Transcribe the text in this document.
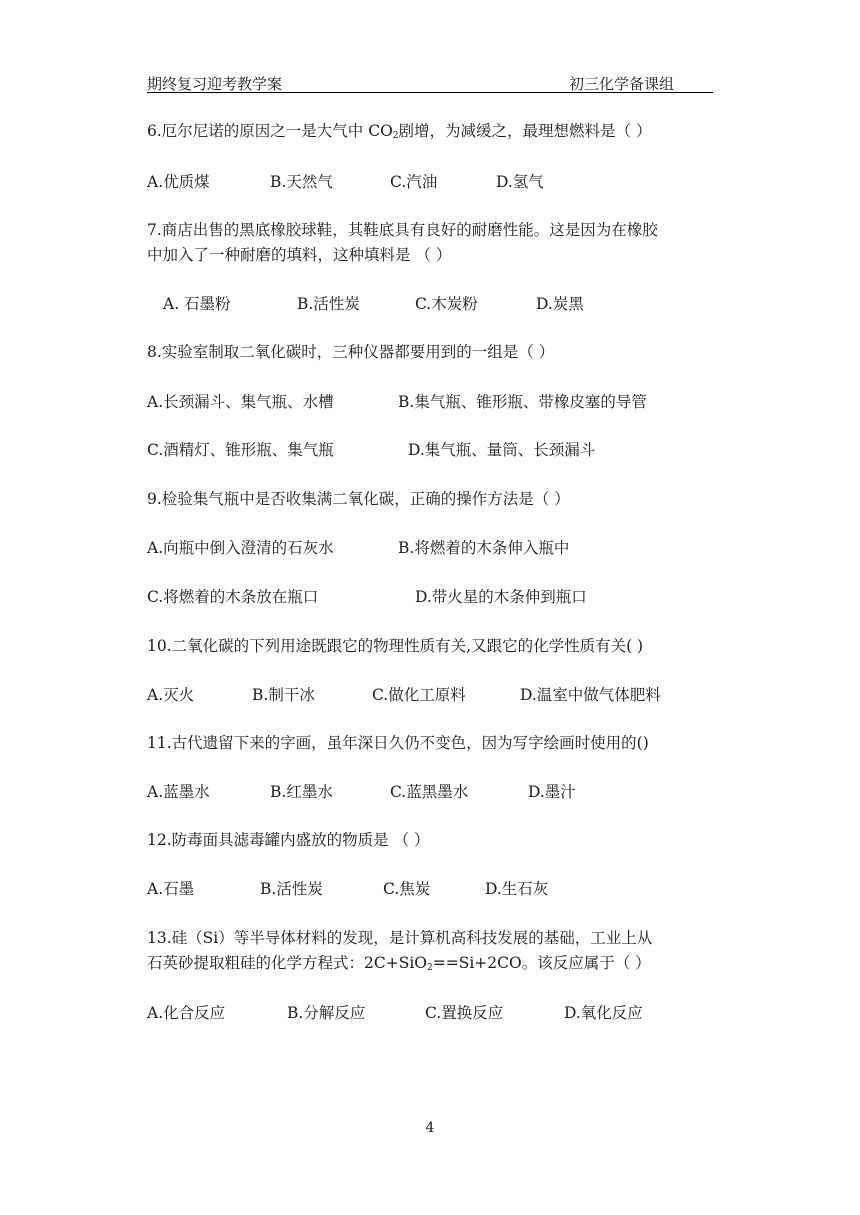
期终复习迎考教学案	初三化学备课组
6.厄尔尼诺的原因之一是大气中 $CO_2$剧增，为减缓之，最理想燃料是（ ）
A.优质煤	B.天然气	C.汽油	D.氢气
7.商店出售的黑底橡胶球鞋，其鞋底具有良好的耐磨性能。这是因为在橡胶
中加入了一种耐磨的填料，这种填料是 （ ）
A. 石墨粉	B.活性炭	C.木炭粉	D.炭黑
8.实验室制取二氧化碳时，三种仪器都要用到的一组是（ ）
A.长颈漏斗、集气瓶、水槽	B.集气瓶、锥形瓶、带橡皮塞的导管
C.酒精灯、锥形瓶、集气瓶	D.集气瓶、量筒、长颈漏斗
9.检验集气瓶中是否收集满二氧化碳，正确的操作方法是（ ）
A.向瓶中倒入澄清的石灰水	B.将燃着的木条伸入瓶中
C.将燃着的木条放在瓶口	D.带火星的木条伸到瓶口
10.二氧化碳的下列用途既跟它的物理性质有关,又跟它的化学性质有关( )
A.灭火	B.制干冰	C.做化工原料	D.温室中做气体肥料
11.古代遗留下来的字画，虽年深日久仍不变色，因为写字绘画时使用的()
A.蓝墨水	B.红墨水	C.蓝黑墨水	D.墨汁
12.防毒面具滤毒罐内盛放的物质是 （ ）
A.石墨	B.活性炭	C.焦炭	D.生石灰
13.硅（Si）等半导体材料的发现，是计算机高科技发展的基础，工业上从
石英砂提取粗硅的化学方程式：2C+SiO$_2$==Si+2CO。该反应属于（ ）
A.化合反应	B.分解反应	C.置换反应	D.氧化反应
4
